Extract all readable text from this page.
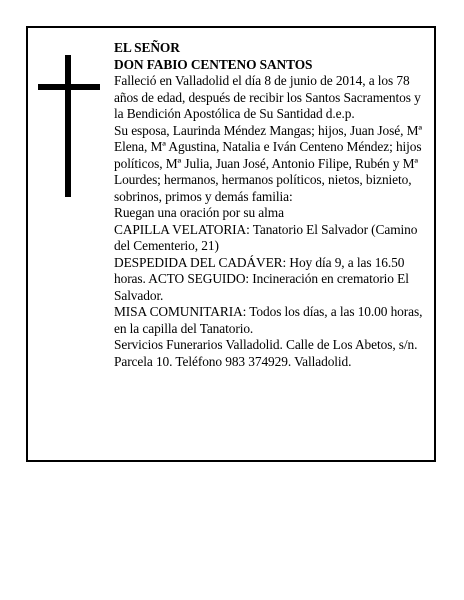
EL SEÑOR

DON FABIO CENTENO SANTOS

Falleció en Valladolid el día 8 de junio de 2014, a los 78 años de edad, después de recibir los Santos Sacramentos y la Bendición Apostólica de Su Santidad d.e.p.

Su esposa, Laurinda Méndez Mangas; hijos, Juan José, Mª Elena, Mª Agustina, Natalia e Iván Centeno Méndez; hijos políticos, Mª Julia, Juan José, Antonio Filipe, Rubén y Mª Lourdes; hermanos, hermanos políticos, nietos, biznieto, sobrinos, primos y demás familia:

Ruegan una oración por su alma

CAPILLA VELATORIA: Tanatorio El Salvador (Camino del Cementerio, 21)

DESPEDIDA DEL CADÁVER: Hoy día 9, a las 16.50 horas. ACTO SEGUIDO: Incineración en crematorio El Salvador.

MISA COMUNITARIA: Todos los días, a las 10.00 horas, en la capilla del Tanatorio.

Servicios Funerarios Valladolid. Calle de Los Abetos, s/n. Parcela 10. Teléfono 983 374929. Valladolid.
